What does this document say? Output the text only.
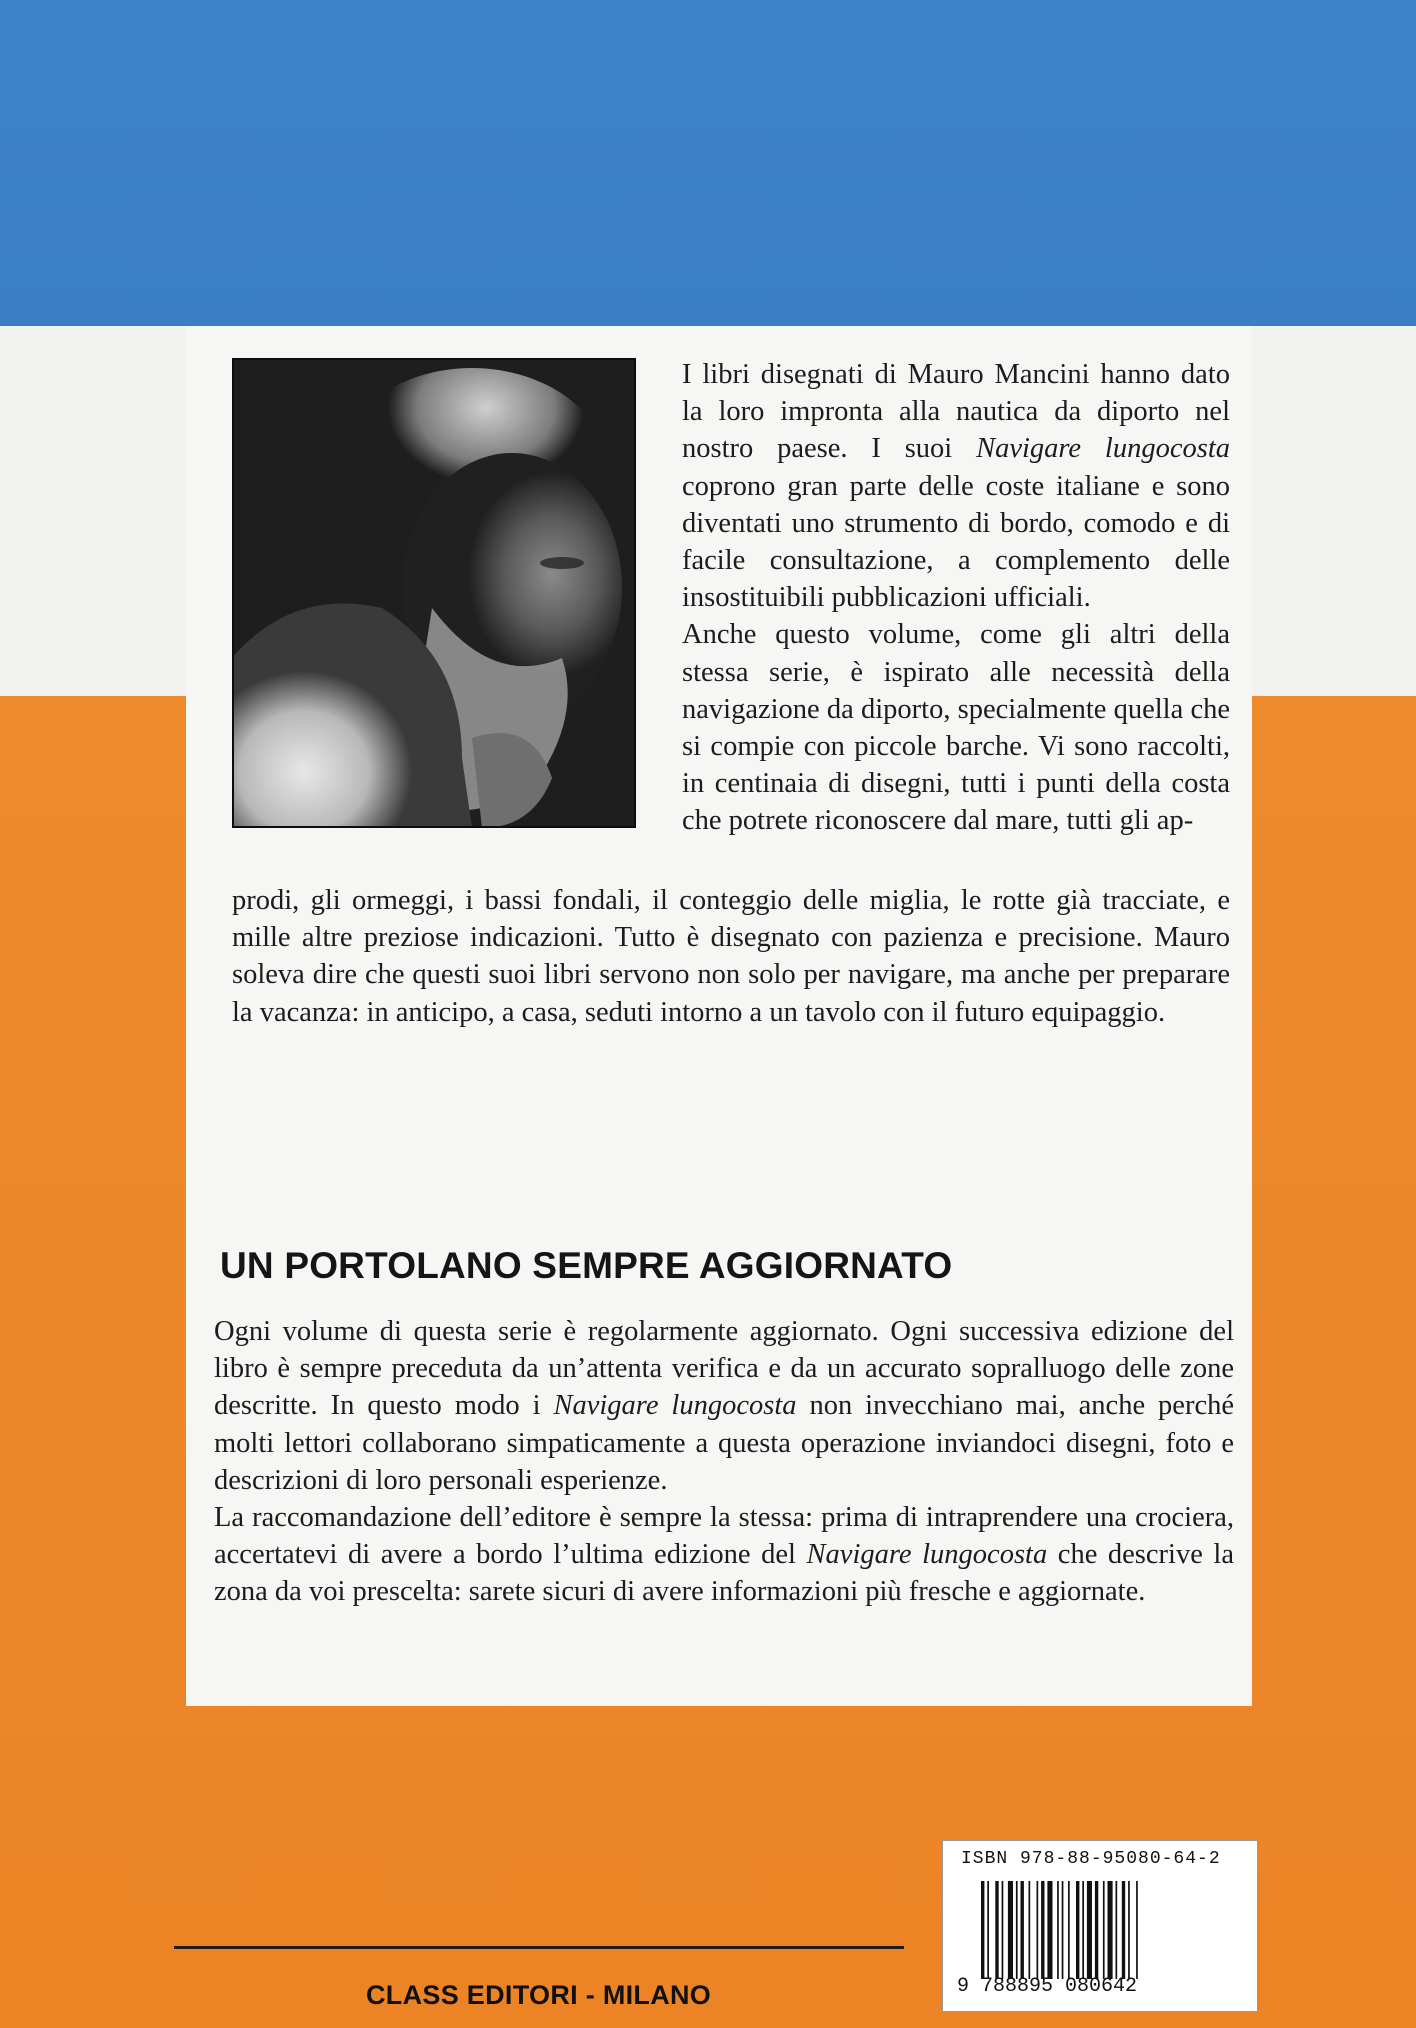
I libri disegnati di Mauro Mancini hanno dato la loro impronta alla nautica da diporto nel nostro paese. I suoi Navigare lungocosta coprono gran parte delle coste italiane e sono diventati uno strumento di bordo, comodo e di facile consultazione, a complemento delle insostituibili pubblicazioni ufficiali.

Anche questo volume, come gli altri della stessa serie, è ispirato alle necessità della navigazione da diporto, specialmente quella che si compie con piccole barche. Vi sono raccolti, in centinaia di disegni, tutti i punti della costa che potrete riconoscere dal mare, tutti gli ap-

prodi, gli ormeggi, i bassi fondali, il conteggio delle miglia, le rotte già tracciate, e mille altre preziose indicazioni. Tutto è disegnato con pazienza e precisione. Mauro soleva dire che questi suoi libri servono non solo per navigare, ma anche per preparare la vacanza: in anticipo, a casa, seduti intorno a un tavolo con il futuro equipaggio.

UN PORTOLANO SEMPRE AGGIORNATO

Ogni volume di questa serie è regolarmente aggiornato. Ogni successiva edizione del libro è sempre preceduta da un’attenta verifica e da un accurato sopralluogo delle zone descritte. In questo modo i Navigare lungocosta non invecchiano mai, anche perché molti lettori collaborano simpaticamente a questa operazione inviandoci disegni, foto e descrizioni di loro personali esperienze.

La raccomandazione dell’editore è sempre la stessa: prima di intraprendere una crociera, accertatevi di avere a bordo l’ultima edizione del Navigare lungocosta che descrive la zona da voi prescelta: sarete sicuri di avere informazioni più fresche e aggiornate.

ISBN 978-88-95080-64-2
9 788895 080642
CLASS EDITORI - MILANO
